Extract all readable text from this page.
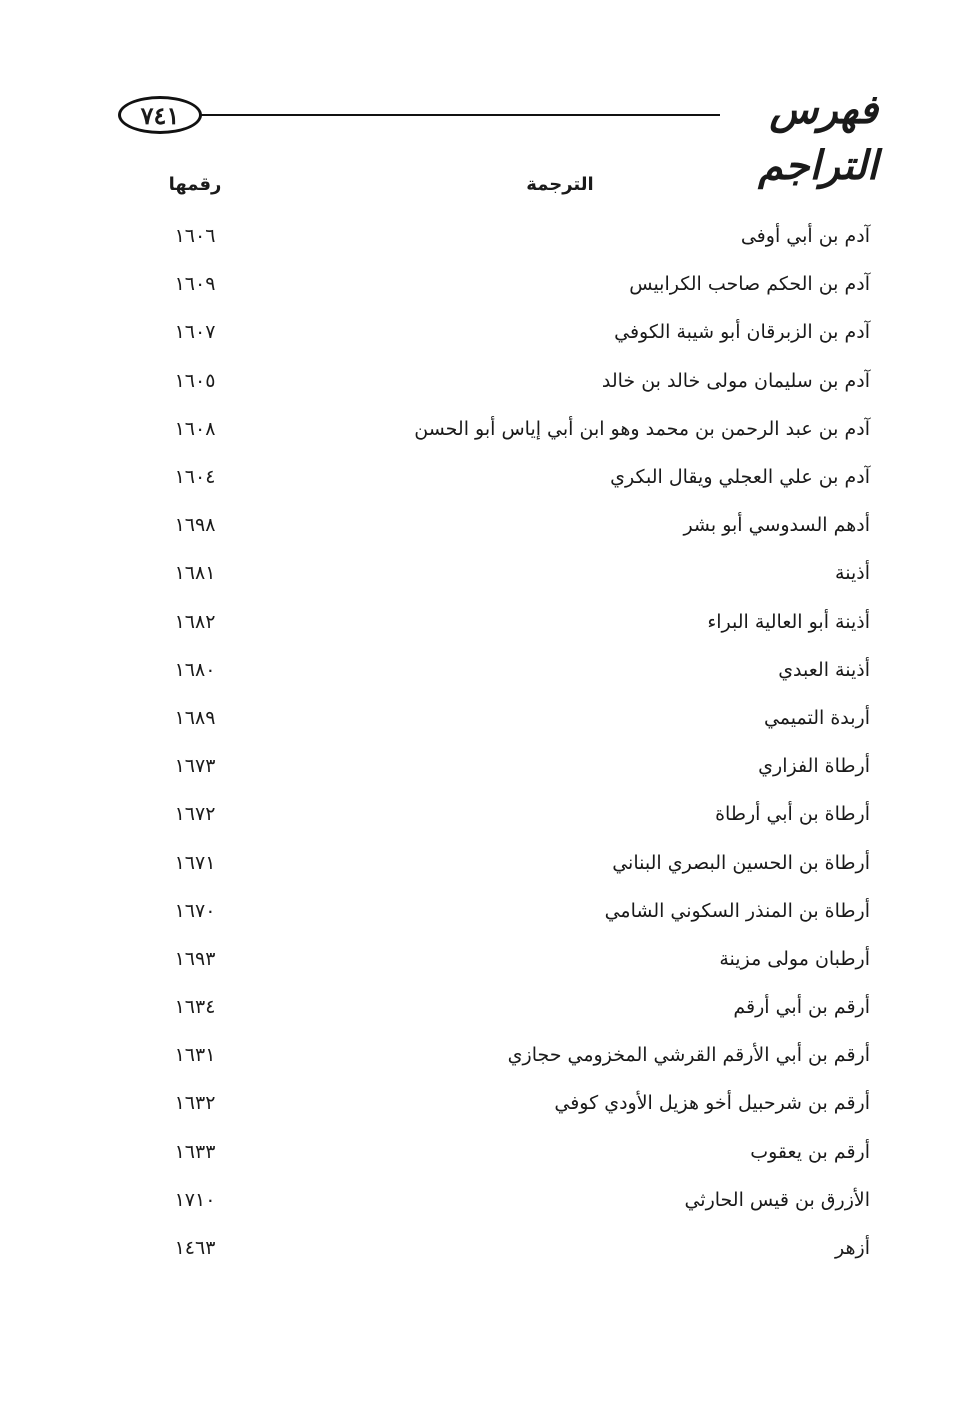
٧٤١	فهرس التراجم
الترجمة
رقمها
آدم بن أبي أوفى
١٦٠٦
آدم بن الحكم صاحب الكرابيس
١٦٠٩
آدم بن الزبرقان أبو شيبة الكوفي
١٦٠٧
آدم بن سليمان مولى خالد بن خالد
١٦٠٥
آدم بن عبد الرحمن بن محمد وهو ابن أبي إياس أبو الحسن
١٦٠٨
آدم بن علي العجلي ويقال البكري
١٦٠٤
أدهم السدوسي أبو بشر
١٦٩٨
أذينة
١٦٨١
أذينة أبو العالية البراء
١٦٨٢
أذينة العبدي
١٦٨٠
أربدة التميمي
١٦٨٩
أرطاة الفزاري
١٦٧٣
أرطاة بن أبي أرطاة
١٦٧٢
أرطاة بن الحسين البصري البناني
١٦٧١
أرطاة بن المنذر السكوني الشامي
١٦٧٠
أرطبان مولى مزينة
١٦٩٣
أرقم بن أبي أرقم
١٦٣٤
أرقم بن أبي الأرقم القرشي المخزومي حجازي
١٦٣١
أرقم بن شرحبيل أخو هزيل الأودي كوفي
١٦٣٢
أرقم بن يعقوب
١٦٣٣
الأزرق بن قيس الحارثي
١٧١٠
أزهر
١٤٦٣
